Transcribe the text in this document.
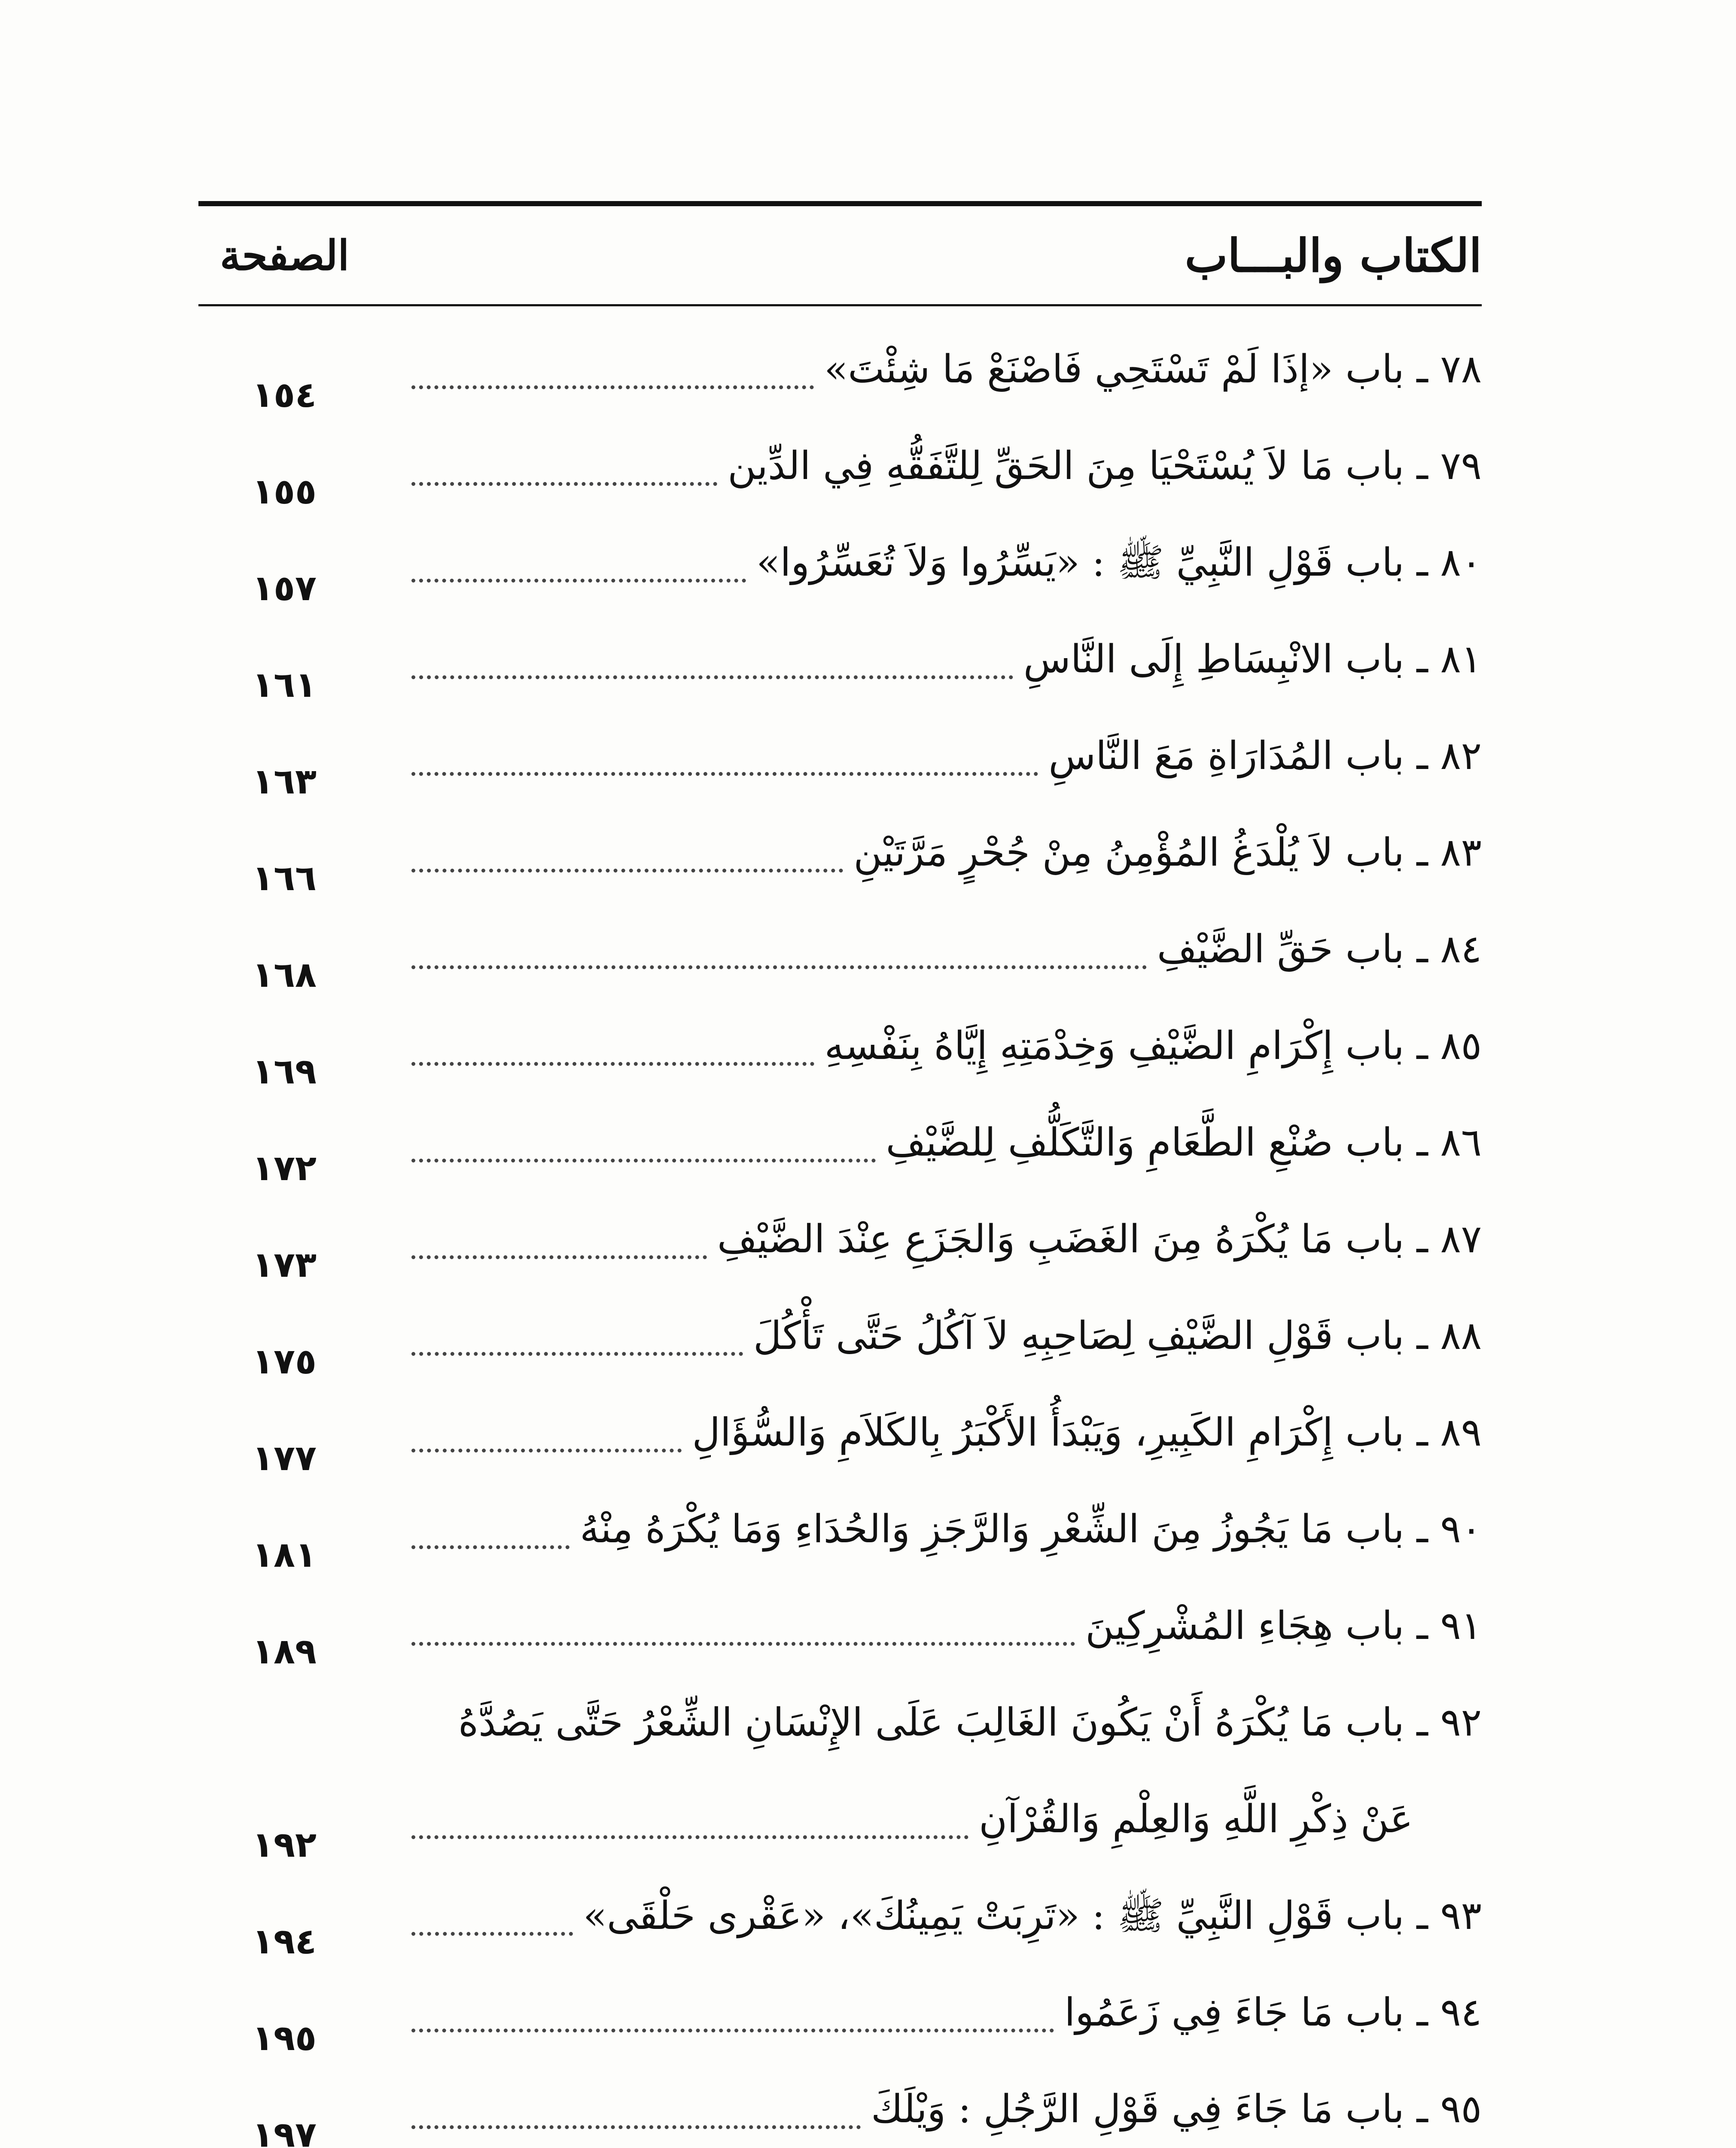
الكتاب والبـــاب
الصفحة
٧٨ ـ باب «إذَا لَمْ تَسْتَحِي فَاصْنَعْ مَا شِئْتَ»
١٥٤
٧٩ ـ باب مَا لاَ يُسْتَحْيَا مِنَ الحَقِّ لِلتَّفَقُّهِ فِي الدِّين
١٥٥
٨٠ ـ باب قَوْلِ النَّبِيِّ ﷺ : «يَسِّرُوا وَلاَ تُعَسِّرُوا»
١٥٧
٨١ ـ باب الانْبِسَاطِ إِلَى النَّاسِ
١٦١
٨٢ ـ باب المُدَارَاةِ مَعَ النَّاسِ
١٦٣
٨٣ ـ باب لاَ يُلْدَغُ المُؤْمِنُ مِنْ جُحْرٍ مَرَّتَيْنِ
١٦٦
٨٤ ـ باب حَقِّ الضَّيْفِ
١٦٨
٨٥ ـ باب إِكْرَامِ الضَّيْفِ وَخِدْمَتِهِ إِيَّاهُ بِنَفْسِهِ
١٦٩
٨٦ ـ باب صُنْعِ الطَّعَامِ وَالتَّكَلُّفِ لِلضَّيْفِ
١٧٢
٨٧ ـ باب مَا يُكْرَهُ مِنَ الغَضَبِ وَالجَزَعِ عِنْدَ الضَّيْفِ
١٧٣
٨٨ ـ باب قَوْلِ الضَّيْفِ لِصَاحِبِهِ لاَ آكُلُ حَتَّى تَأْكُلَ
١٧٥
٨٩ ـ باب إِكْرَامِ الكَبِيرِ، وَيَبْدَأُ الأَكْبَرُ بِالكَلاَمِ وَالسُّؤَالِ
١٧٧
٩٠ ـ باب مَا يَجُوزُ مِنَ الشِّعْرِ وَالرَّجَزِ وَالحُدَاءِ وَمَا يُكْرَهُ مِنْهُ
١٨١
٩١ ـ باب هِجَاءِ المُشْرِكِينَ
١٨٩
٩٢ ـ باب مَا يُكْرَهُ أَنْ يَكُونَ الغَالِبَ عَلَى الإِنْسَانِ الشِّعْرُ حَتَّى يَصُدَّهُ
عَنْ ذِكْرِ اللَّهِ وَالعِلْمِ وَالقُرْآنِ
١٩٢
٩٣ ـ باب قَوْلِ النَّبِيِّ ﷺ : «تَرِبَتْ يَمِينُكَ»، «عَقْرى حَلْقَى»
١٩٤
٩٤ ـ باب مَا جَاءَ فِي زَعَمُوا
١٩٥
٩٥ ـ باب مَا جَاءَ فِي قَوْلِ الرَّجُلِ : وَيْلَكَ
١٩٧
